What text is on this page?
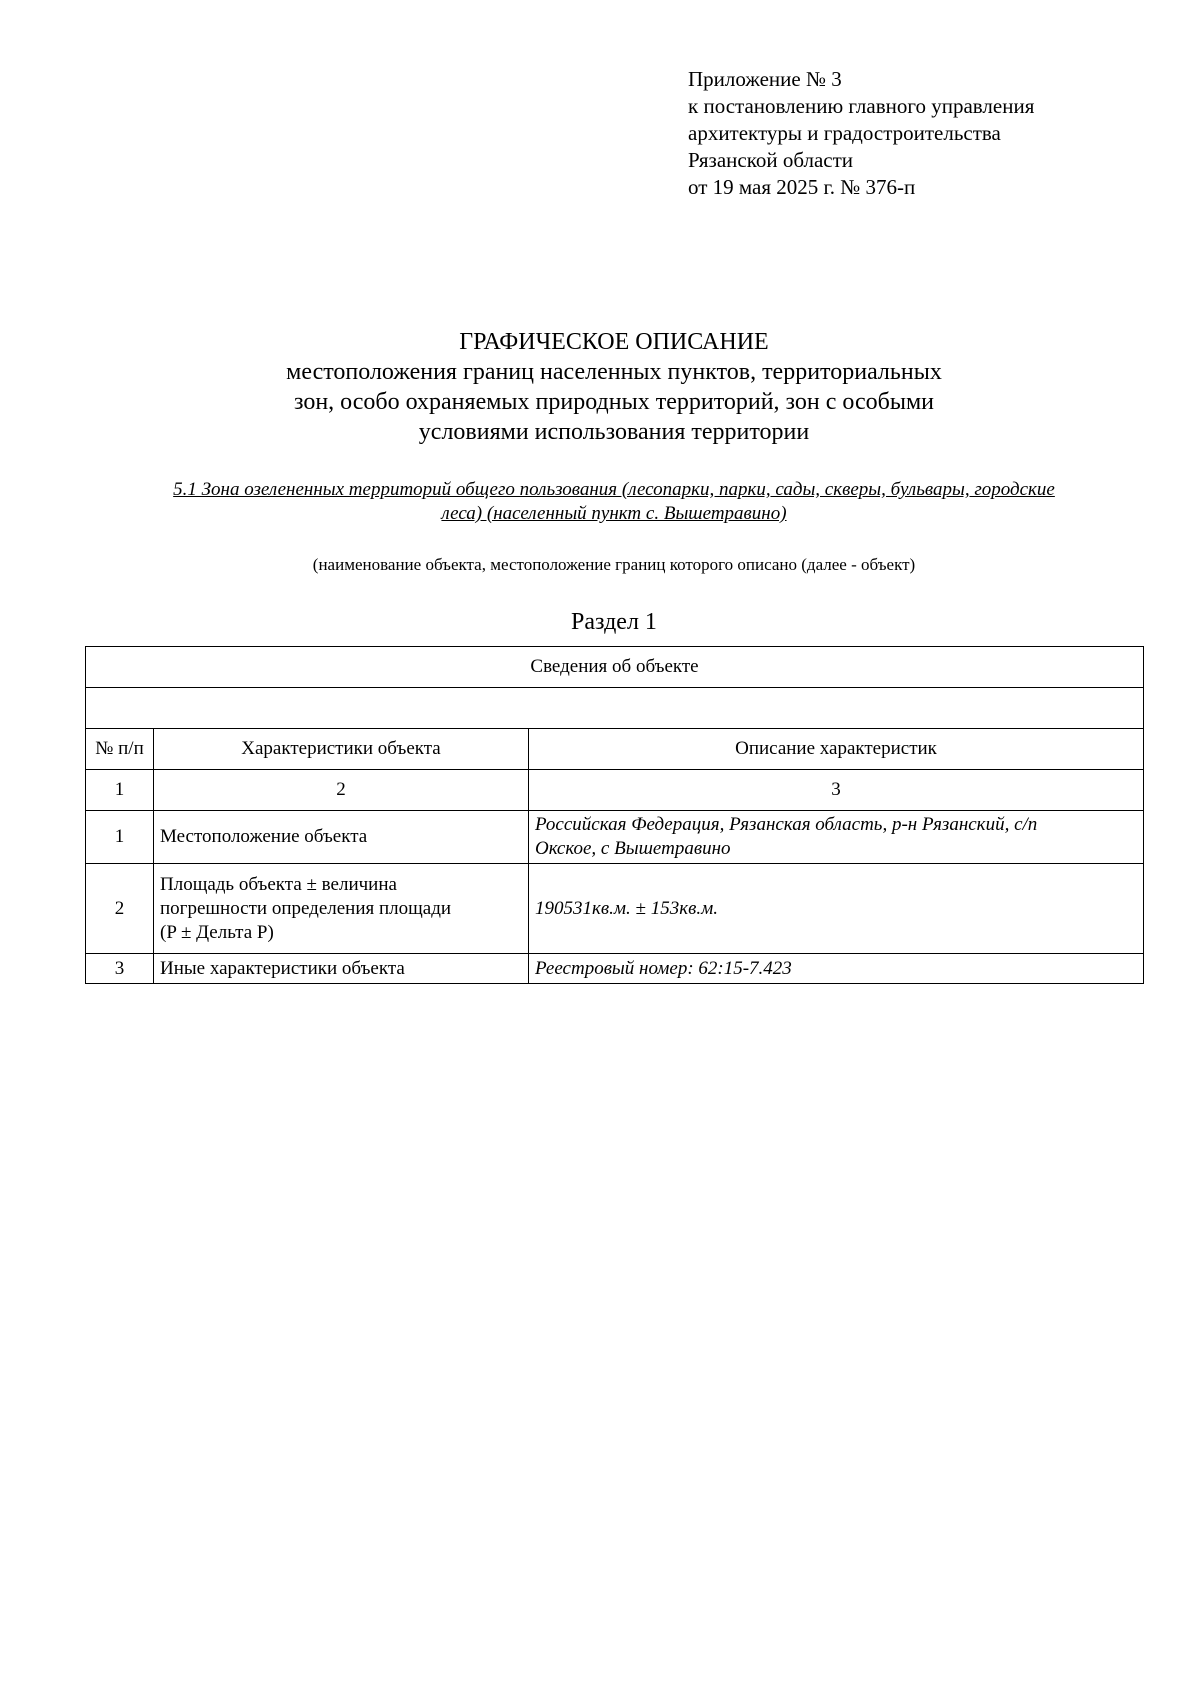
Приложение № 3
к постановлению главного управления
архитектуры и градостроительства
Рязанской области
от 19 мая 2025 г. № 376-п
ГРАФИЧЕСКОЕ ОПИСАНИЕ
местоположения границ населенных пунктов, территориальных
зон, особо охраняемых природных территорий, зон с особыми
условиями использования территории
5.1 Зона озелененных территорий общего пользования (лесопарки, парки, сады, скверы, бульвары, городские
леса) (населенный пункт с. Вышетравино)
(наименование объекта, местоположение границ которого описано (далее - объект)
Раздел 1
Сведения об объекте		

№ п/п	Характеристики объекта	Описание характеристик
1	2	3
1	Местоположение объекта	Российская Федерация, Рязанская область, р-н Рязанский, с/п
Окское, с Вышетравино

2	Площадь объекта ± величина
погрешности определения площади
(P ± Дельта P)	190531кв.м. ± 153кв.м.
3	Иные характеристики объекта	Реестровый номер: 62:15-7.423
